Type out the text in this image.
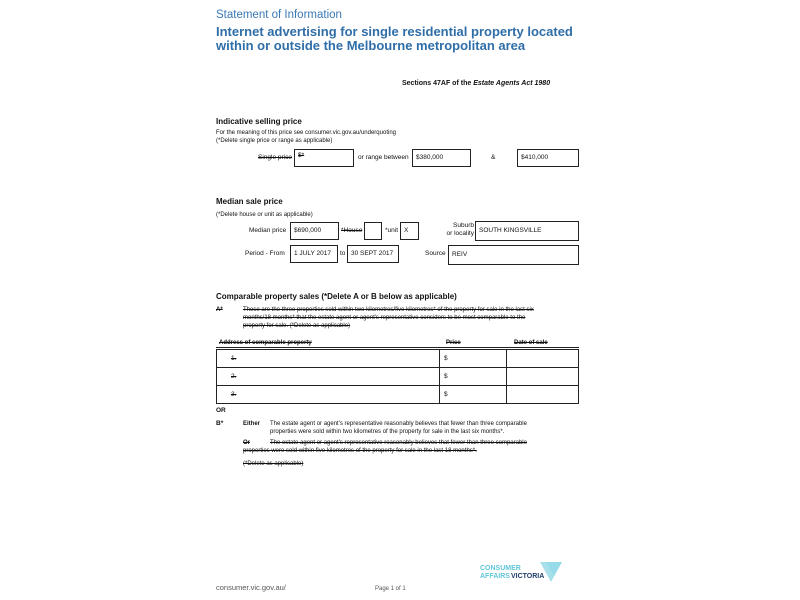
Statement of Information
Internet advertising for single residential property located within or outside the Melbourne metropolitan area
Sections 47AF of the Estate Agents Act 1980
Indicative selling price
For the meaning of this price see consumer.vic.gov.au/underquoting
(*Delete single price or range as applicable)
Single price $*	or range between	$380,000	&	$410,000
Median sale price
(*Delete house or unit as applicable)
Median price	$690,000	*House	*unit X
Suburb
or locality SOUTH KINGSVILLE
Period - From	1 JULY 2017	to 30 SEPT 2017	Source REIV
Comparable property sales (*Delete A or B below as applicable)
A*	These are the three properties sold within two kilometres/five kilometres* of the property for sale in the last six
months/18 months* that the estate agent or agent's representative considers to be most comparable to the
property for sale. (*Delete as applicable)
Address of comparable property	Price	Date of sale
1.	$	
2.	$	
3.	$	
OR
B*	Either The estate agent or agent's representative reasonably believes that fewer than three comparable
properties were sold within two kilometres of the property for sale in the last six months*.
Or	The estate agent or agent's representative reasonably believes that fewer than three comparable
properties were sold within five kilometres of the property for sale in the last 18 months*.
(*Delete as applicable)
consumer.vic.gov.au/	Page 1 of 1
CONSUMER
AFFAIRSVICTORIA
